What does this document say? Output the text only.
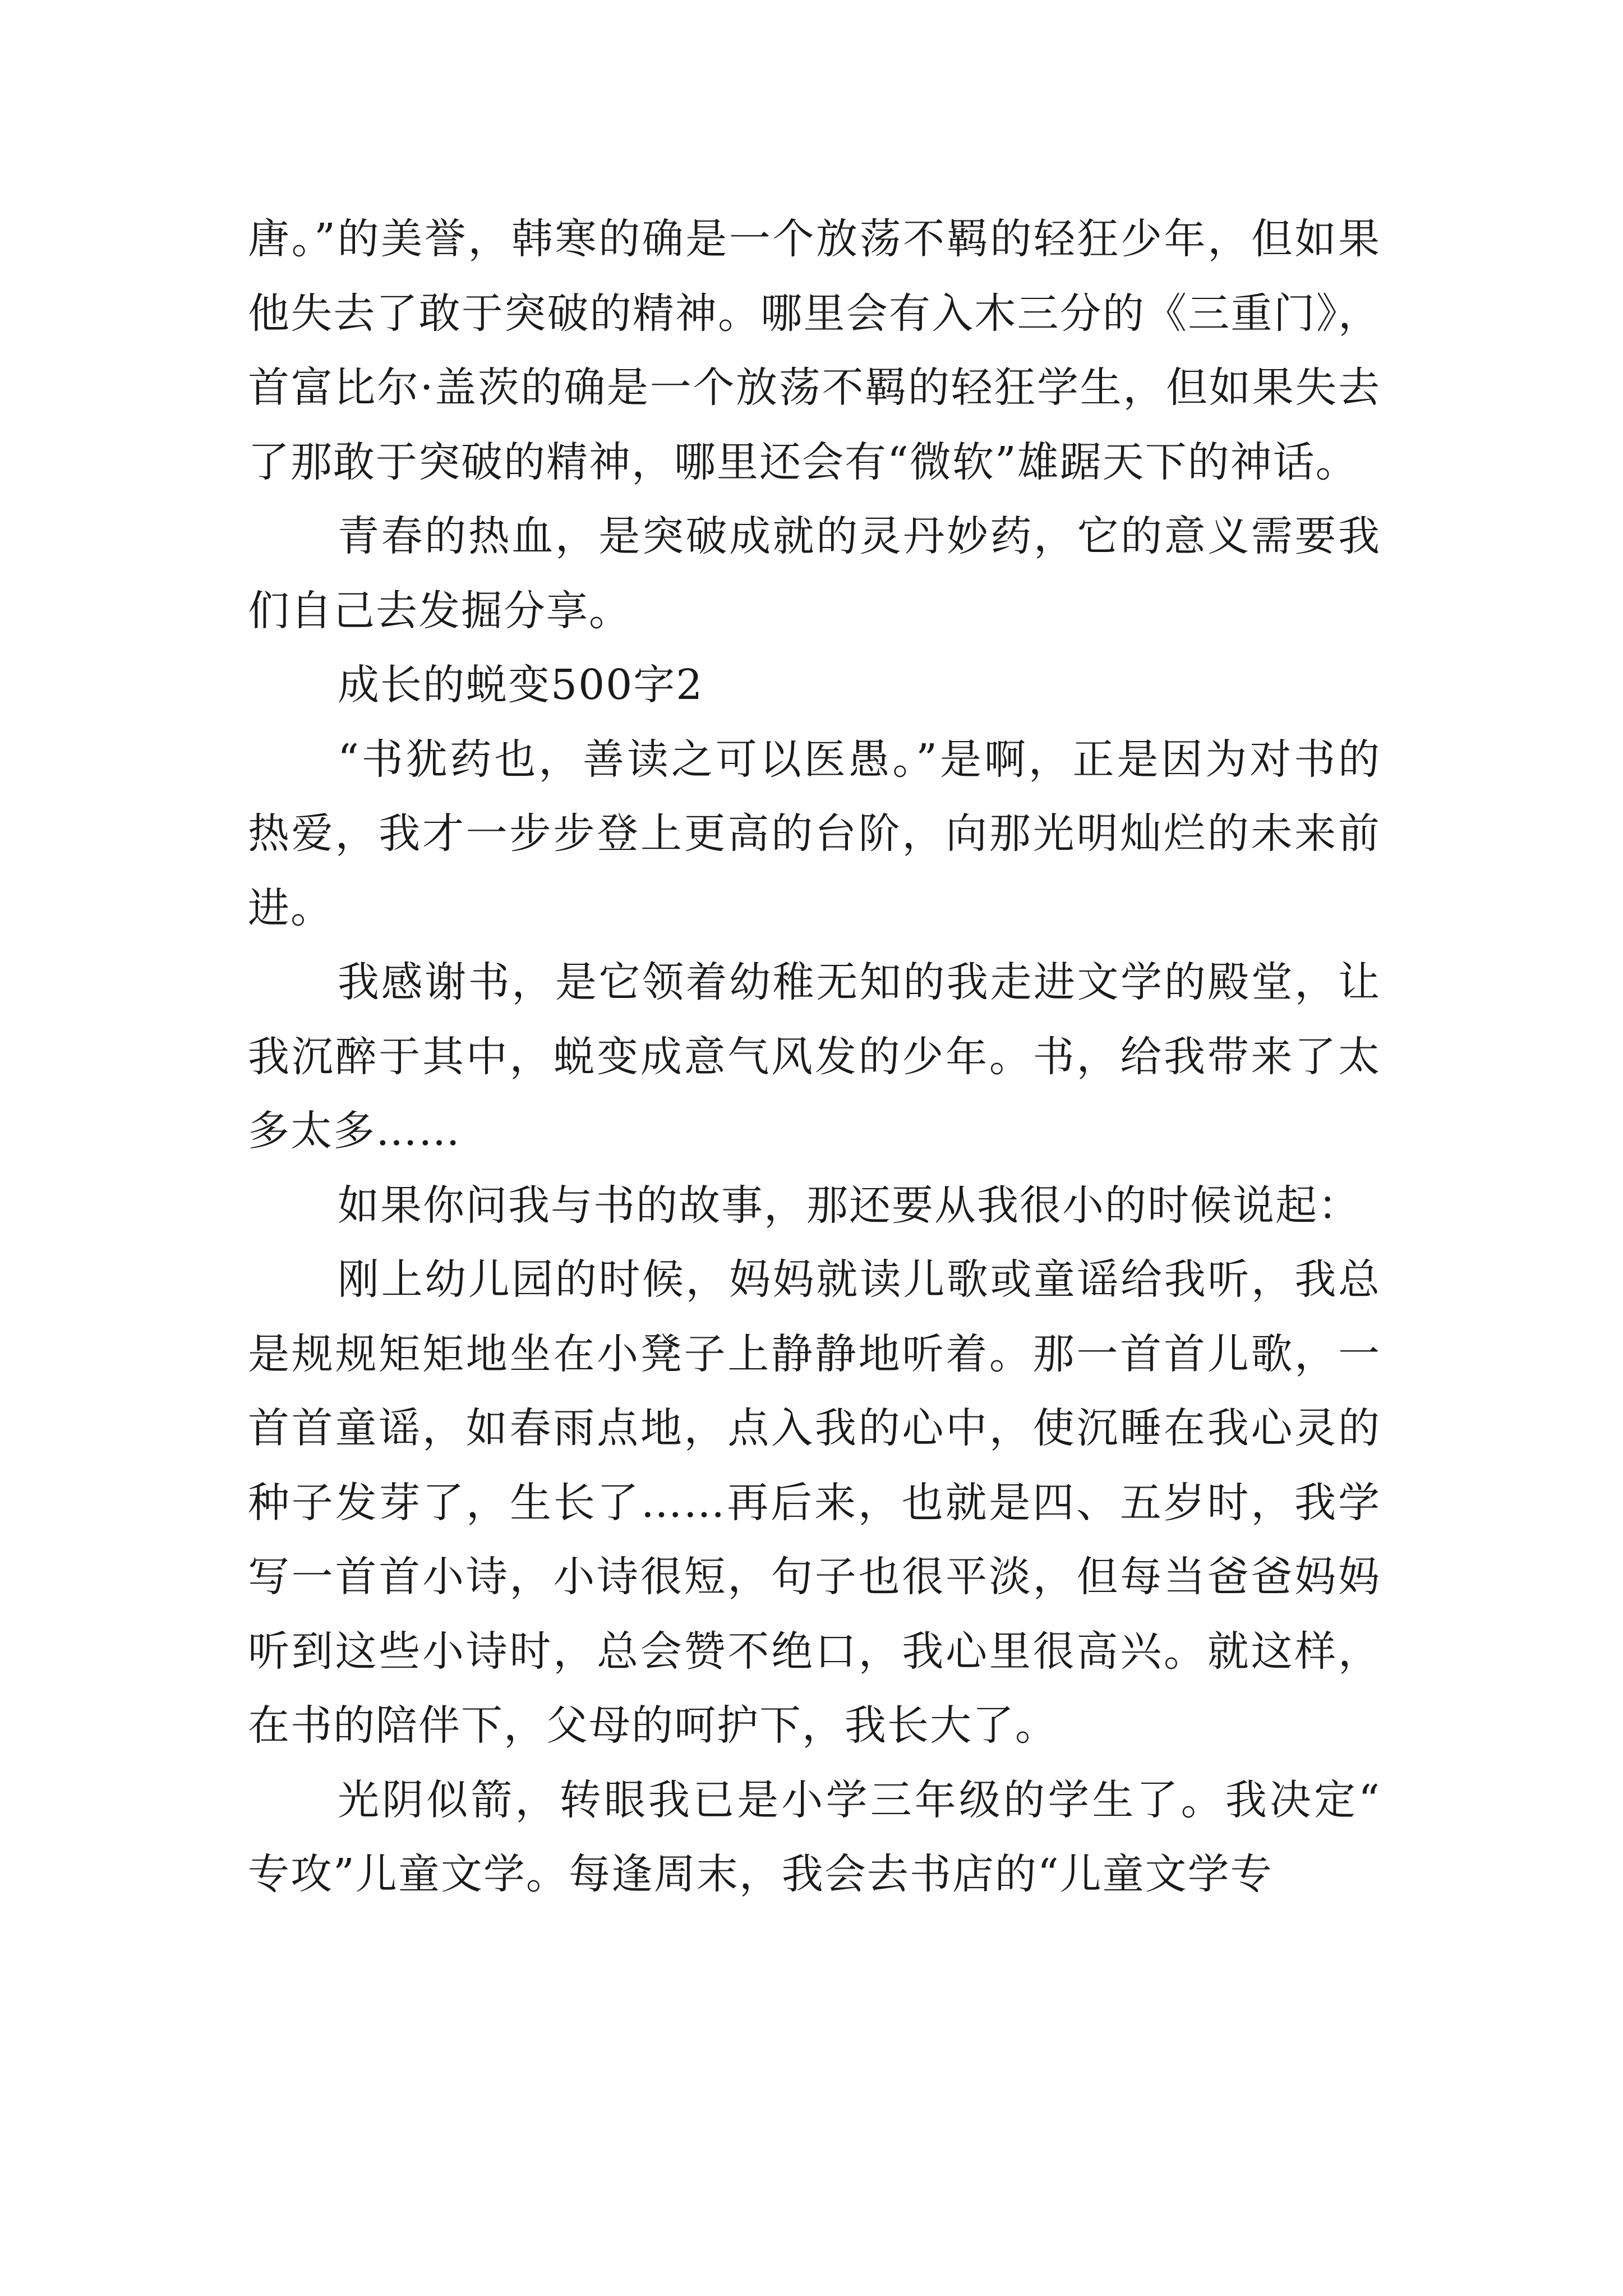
唐。”的美誉，韩寒的确是一个放荡不羁的轻狂少年，但如果他失去了敢于突破的精神。哪里会有入木三分的《三重门》，首富比尔·盖茨的确是一个放荡不羁的轻狂学生，但如果失去了那敢于突破的精神，哪里还会有“微软”雄踞天下的神话。

青春的热血，是突破成就的灵丹妙药，它的意义需要我们自己去发掘分享。

成长的蜕变500字2

“书犹药也，善读之可以医愚。”是啊，正是因为对书的热爱，我才一步步登上更高的台阶，向那光明灿烂的未来前进。

我感谢书，是它领着幼稚无知的我走进文学的殿堂，让我沉醉于其中，蜕变成意气风发的少年。书，给我带来了太多太多……

如果你问我与书的故事，那还要从我很小的时候说起：

刚上幼儿园的时候，妈妈就读儿歌或童谣给我听，我总是规规矩矩地坐在小凳子上静静地听着。那一首首儿歌，一首首童谣，如春雨点地，点入我的心中，使沉睡在我心灵的种子发芽了，生长了……再后来，也就是四、五岁时，我学写一首首小诗，小诗很短，句子也很平淡，但每当爸爸妈妈听到这些小诗时，总会赞不绝口，我心里很高兴。就这样，在书的陪伴下，父母的呵护下，我长大了。

光阴似箭，转眼我已是小学三年级的学生了。我决定“专攻”儿童文学。每逢周末，我会去书店的“儿童文学专
